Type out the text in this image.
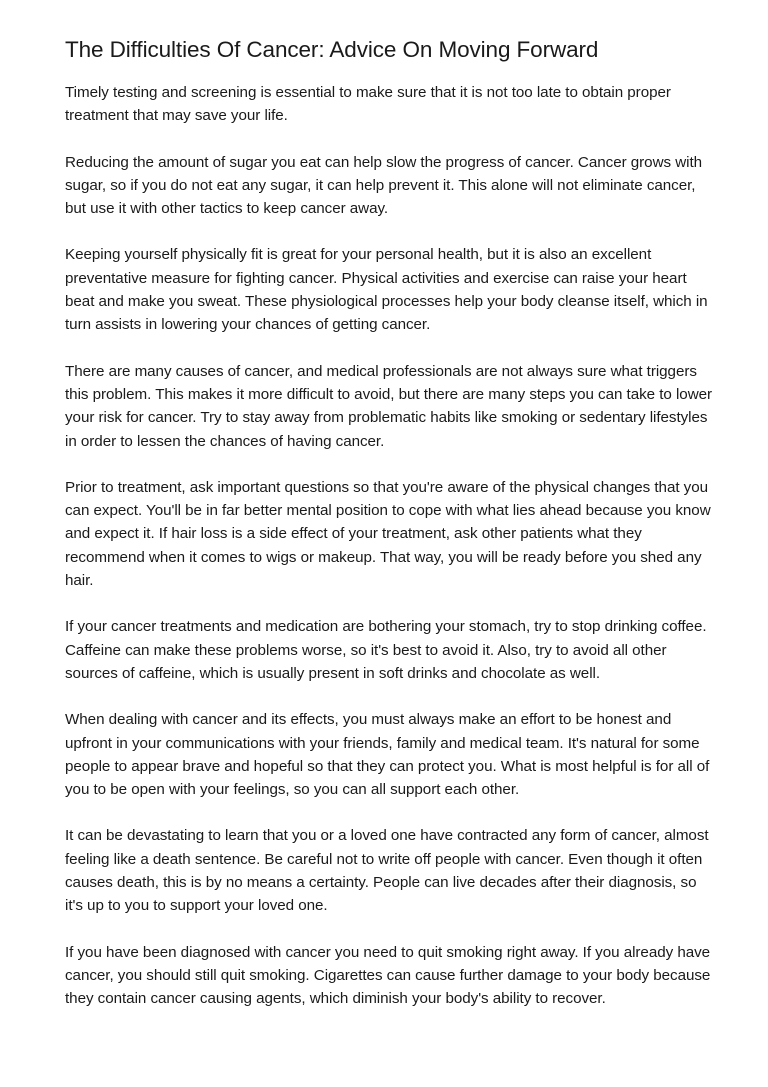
The Difficulties Of Cancer: Advice On Moving Forward

Timely testing and screening is essential to make sure that it is not too late to obtain proper treatment that may save your life.

Reducing the amount of sugar you eat can help slow the progress of cancer. Cancer grows with sugar, so if you do not eat any sugar, it can help prevent it. This alone will not eliminate cancer, but use it with other tactics to keep cancer away.

Keeping yourself physically fit is great for your personal health, but it is also an excellent preventative measure for fighting cancer. Physical activities and exercise can raise your heart beat and make you sweat. These physiological processes help your body cleanse itself, which in turn assists in lowering your chances of getting cancer.

There are many causes of cancer, and medical professionals are not always sure what triggers this problem. This makes it more difficult to avoid, but there are many steps you can take to lower your risk for cancer. Try to stay away from problematic habits like smoking or sedentary lifestyles in order to lessen the chances of having cancer.

Prior to treatment, ask important questions so that you're aware of the physical changes that you can expect. You'll be in far better mental position to cope with what lies ahead because you know and expect it. If hair loss is a side effect of your treatment, ask other patients what they recommend when it comes to wigs or makeup. That way, you will be ready before you shed any hair.

If your cancer treatments and medication are bothering your stomach, try to stop drinking coffee. Caffeine can make these problems worse, so it's best to avoid it. Also, try to avoid all other sources of caffeine, which is usually present in soft drinks and chocolate as well.

When dealing with cancer and its effects, you must always make an effort to be honest and upfront in your communications with your friends, family and medical team. It's natural for some people to appear brave and hopeful so that they can protect you. What is most helpful is for all of you to be open with your feelings, so you can all support each other.

It can be devastating to learn that you or a loved one have contracted any form of cancer, almost feeling like a death sentence. Be careful not to write off people with cancer. Even though it often causes death, this is by no means a certainty. People can live decades after their diagnosis, so it's up to you to support your loved one.

If you have been diagnosed with cancer you need to quit smoking right away. If you already have cancer, you should still quit smoking. Cigarettes can cause further damage to your body because they contain cancer causing agents, which diminish your body's ability to recover.
